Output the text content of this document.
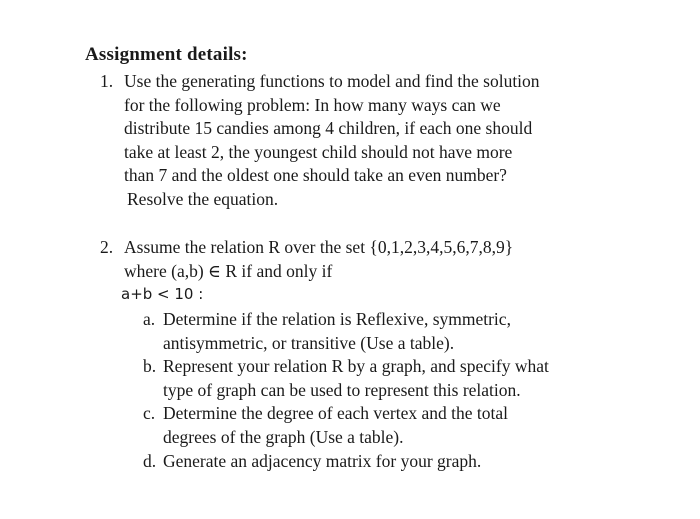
Assignment details:
1. Use the generating functions to model and find the solution
for the following problem: In how many ways can we
distribute 15 candies among 4 children, if each one should
take at least 2, the youngest child should not have more
than 7 and the oldest one should take an even number?
Resolve the equation.
2. Assume the relation R over the set {0,1,2,3,4,5,6,7,8,9}
where (a,b) ∈ R if and only if
a+b < 10 :
a. Determine if the relation is Reflexive, symmetric,
antisymmetric, or transitive (Use a table).
b. Represent your relation R by a graph, and specify what
type of graph can be used to represent this relation.
c. Determine the degree of each vertex and the total
degrees of the graph (Use a table).
d. Generate an adjacency matrix for your graph.
